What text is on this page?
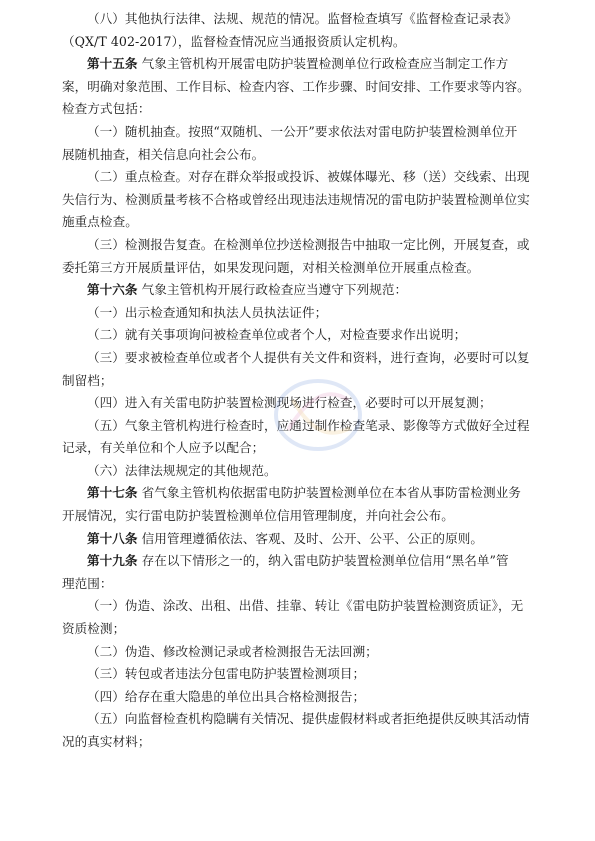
（八）其他执行法律、法规、规范的情况。监督检查填写《监督检查记录表》
（QX/T 402-2017），监督检查情况应当通报资质认定机构。
第十五条 气象主管机构开展雷电防护装置检测单位行政检查应当制定工作方
案，明确对象范围、工作目标、检查内容、工作步骤、时间安排、工作要求等内容。
检查方式包括：
（一）随机抽查。按照“双随机、一公开”要求依法对雷电防护装置检测单位开
展随机抽查，相关信息向社会公布。
（二）重点检查。对存在群众举报或投诉、被媒体曝光、移（送）交线索、出现
失信行为、检测质量考核不合格或曾经出现违法违规情况的雷电防护装置检测单位实
施重点检查。
（三）检测报告复查。在检测单位抄送检测报告中抽取一定比例，开展复查，或
委托第三方开展质量评估，如果发现问题，对相关检测单位开展重点检查。
第十六条 气象主管机构开展行政检查应当遵守下列规范：
（一）出示检查通知和执法人员执法证件；
（二）就有关事项询问被检查单位或者个人，对检查要求作出说明；
（三）要求被检查单位或者个人提供有关文件和资料，进行查询，必要时可以复
制留档；
（四）进入有关雷电防护装置检测现场进行检查，必要时可以开展复测；
（五）气象主管机构进行检查时，应通过制作检查笔录、影像等方式做好全过程
记录，有关单位和个人应予以配合；
（六）法律法规规定的其他规范。
第十七条 省气象主管机构依据雷电防护装置检测单位在本省从事防雷检测业务
开展情况，实行雷电防护装置检测单位信用管理制度，并向社会公布。
第十八条 信用管理遵循依法、客观、及时、公开、公平、公正的原则。
第十九条 存在以下情形之一的，纳入雷电防护装置检测单位信用“黑名单”管
理范围：
（一）伪造、涂改、出租、出借、挂靠、转让《雷电防护装置检测资质证》，无
资质检测；
（二）伪造、修改检测记录或者检测报告无法回溯；
（三）转包或者违法分包雷电防护装置检测项目；
（四）给存在重大隐患的单位出具合格检测报告；
（五）向监督检查机构隐瞒有关情况、提供虚假材料或者拒绝提供反映其活动情
况的真实材料；
